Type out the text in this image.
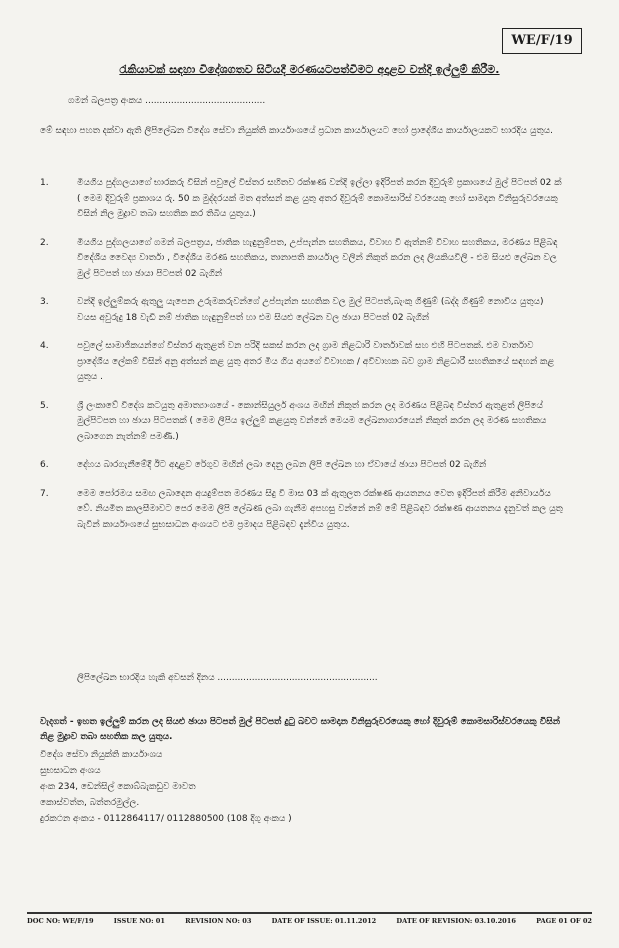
WE/F/19
රැකියාවක් සඳහා විදේශගතව සිටියදී මරණයටපත්වීමට අදාළව වන්දි ඉල්ලුම් කිරීම.
ගමන් බලපත්‍ර අංකය ..........................................
මේ සඳහා පහත දක්වා ඇති ලිපිලේඛන විදේශ සේවා නියුක්ති කාර්යාංශයේ ප්‍රධාන කාර්යාලයට හෝ ප්‍රාදේශීය කාර්යාලයකට භාරදිය යුතුය.
1.	මියගිය පුද්ගලයාගේ භාරකරු විසින් පවුලේ විස්තර සහිතව රක්ෂණ වන්දි ඉල්ලා ඉදිරිපත් කරන දිවුරුම් ප්‍රකාශයේ මුල් පිටපත් 02 ක් ( මෙම දිවුරුම් ප්‍රකාශය රු. 50 ක මුද්දරයක් මත අත්සන් කළ යුතු අතර දිවුරුම් කොමසාරිස් වරයෙකු හෝ සාමදාන විනිසුරුවරයෙකු විසින් නිල මුද්‍රාව තබා සහතික කර තිබිය යුතුය.)
2.	මියගිය පුද්ගලයාගේ ගමන් බලපත්‍රය, ජාතික හැඳුනුම්පත, උප්පැන්න සහතිකය, විවාහ වී ඇත්නම් විවාහ සහතිකය, මරණය පිළිබඳ විදේශීය වෛද්‍ය වාර්තා , විදේශීය මරණ සහතිකය, තානාපති කාර්යාල වලින් නිකුත් කරන ලද ලියකියවිලි - එම සියළු ලේඛන වල මුල් පිටපත් හා ඡායා පිටපත් 02 බැගින්
3.	වන්දි ඉල්ලුම්කරු ඇතුලු යැපෙන උරුමකරුවන්ගේ උප්පැන්න සහතික වල මුල් පිටපත්,බැංකු ගිණුම් (බද්ද ගිණුම් නොවිය යුතුය) වයස අවුරුදු 18 වැඩි නම් ජාතික හැඳුනුම්පත් හා එම සියළු ලේඛන වල ඡායා පිටපත් 02 බැගින්
4.	පවුලේ සාමාජිකයන්ගේ විස්තර ඇතුළත් වන පරිදි සකස් කරන ලද ග්‍රාම නිළධාරි වාර්තාවක් සහ එහි පිටපතක්. එම වාර්තාව ප්‍රාදේශීය ලේකම් විසින් අනු අත්සන් කළ යුතු අතර මිය ගිය අයගේ විවාහක / අවිවාහක බව ග්‍රාම නිළධාරී සහතිකයේ සඳහන් කළ යුතුය .
5.	ශ්‍රී ලංකාවේ විදේශ කටයුතු අමාත්‍යාංශයේ - කොන්සියුලර් අංශය මඟින් නිකුත් කරන ලද මරණය පිළිබඳ විස්තර ඇතුළත් ලිපියේ මුල්පිටපත හා ඡායා පිටපතක් ( මෙම ලිපිය ඉල්ලුම් කළයුතු වන්නේ මෙයම ලේඛනාගාරයෙන් නිකුත් කරන ලද මරණ සහතිකය ලබාගෙන නැත්නම් පමණි.)
6.	දේහය බාරගැනීමේදී ඊට අදාළව රේගුව මඟින් ලබා දෙනු ලබන ලිපි ලේඛන හා ඒවායේ ඡායා පිටපත් 02 බැගින්
7.	මෙම පෝරමය සමඟ ලබාදෙන අයදුම්පත මරණය සිදු වී මාස 03 ක් ඇතුලත රක්ෂණ ආයතනය වෙත ඉදිරිපත් කිරීම අනිවාර්යය වේ. නියමිත කාලසීමාවට පෙර මෙම ලිපි ලේඛණ ලබා ගැනීම අපහසු වන්නේ නම් මේ පිළිබඳව රක්ෂණ ආයතනය දැනුවත් කල යුතු බැවින් කාර්යාංශයේ සුභසාධන අංශයට එම ප්‍රමාදය පිළිබඳව දැන්විය යුතුය.
ලිපිලේඛන භාරදිය හැකි අවසන් දිනය ........................................................
වැදගත් - ඉහත ඉල්ලුම් කරන ලද සියළු ඡායා පිටපත් මුල් පිටපත් දුටු බවට සාමදාන විනිසුරුවරයෙකු හෝ දිවුරුම් කොමසාරිස්වරයෙකු විසින් නිළ මුද්‍රාව තබා සහතික කල යුතුය.
විදේශ සේවා නියුක්ති කාර්යාංශය
සුභසාධන අංශය
අංක 234, ඩෙන්සිල් කොබ්බැකඩුව මාවත
කොස්වත්ත, බත්තරමුල්ල.
දුරකථන අංකය - 0112864117/ 0112880500 (108 දිගු අංකය )
DOC NO: WE/F/19	ISSUE NO: 01	REVISION NO: 03	DATE OF ISSUE: 01.11.2012	DATE OF REVISION: 03.10.2016	PAGE 01 OF 02
